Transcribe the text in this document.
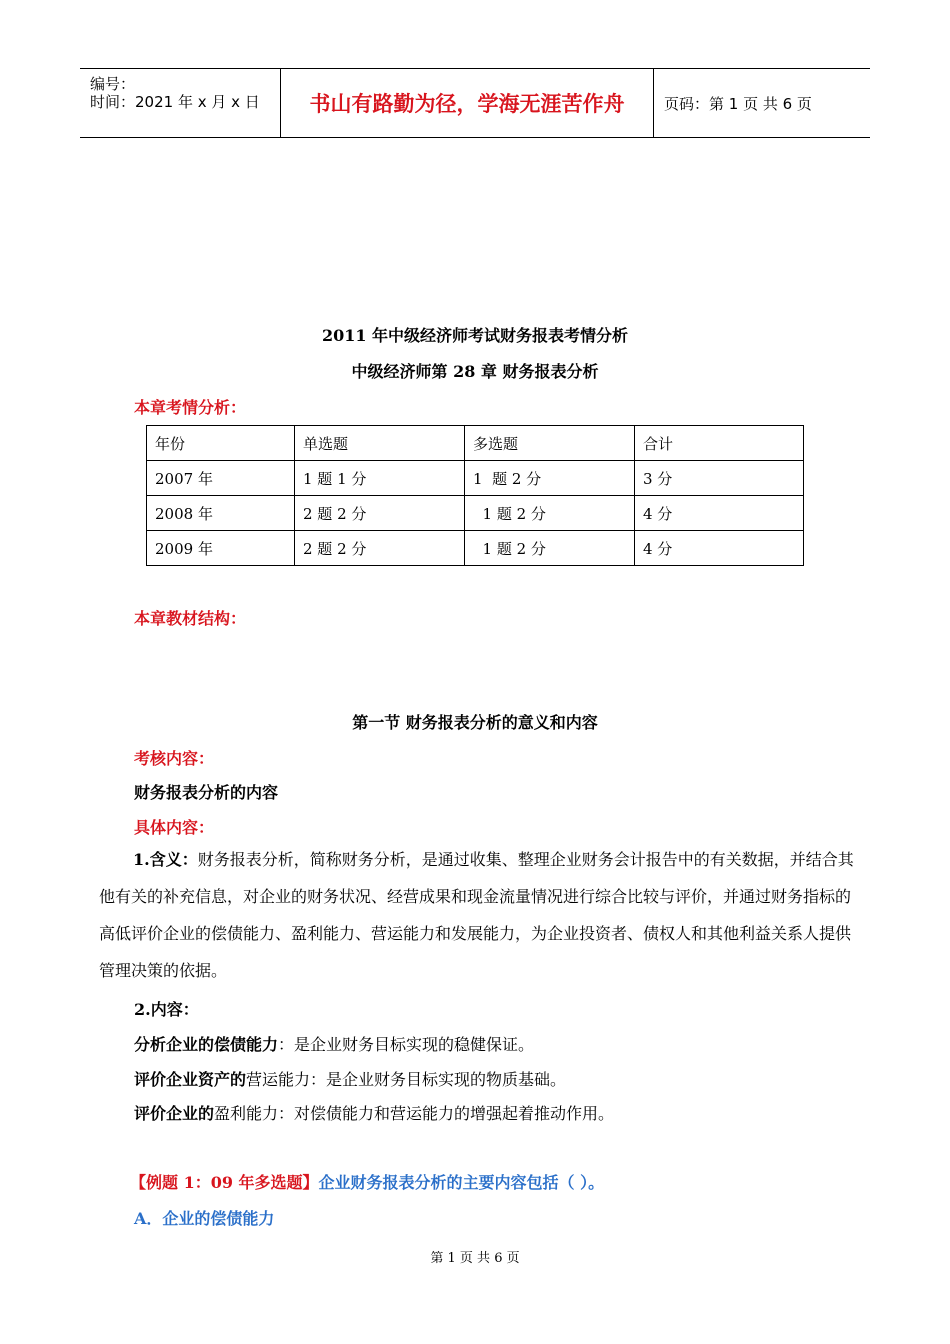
编号：
时间：2021 年 x 月 x 日	书山有路勤为径，学海无涯苦作舟	页码：第 1 页 共 6 页
2011 年中级经济师考试财务报表考情分析
中级经济师第 28 章 财务报表分析
本章考情分析：
年份	单选题	多选题	合计
2007 年	1 题 1 分	1  题 2 分	3 分
2008 年	2 题 2 分	1 题 2 分	4 分
2009 年	2 题 2 分	1 题 2 分	4 分
本章教材结构：
第一节 财务报表分析的意义和内容
考核内容：
财务报表分析的内容
具体内容：
1.含义：财务报表分析，简称财务分析，是通过收集、整理企业财务会计报告中的有关数据，并结合其他有关的补充信息，对企业的财务状况、经营成果和现金流量情况进行综合比较与评价，并通过财务指标的高低评价企业的偿债能力、盈利能力、营运能力和发展能力，为企业投资者、债权人和其他利益关系人提供管理决策的依据。
2.内容：
分析企业的偿债能力：是企业财务目标实现的稳健保证。
评价企业资产的营运能力：是企业财务目标实现的物质基础。
评价企业的盈利能力：对偿债能力和营运能力的增强起着推动作用。
【例题 1：09 年多选题】企业财务报表分析的主要内容包括（ ）。
A．企业的偿债能力
第 1 页 共 6 页
